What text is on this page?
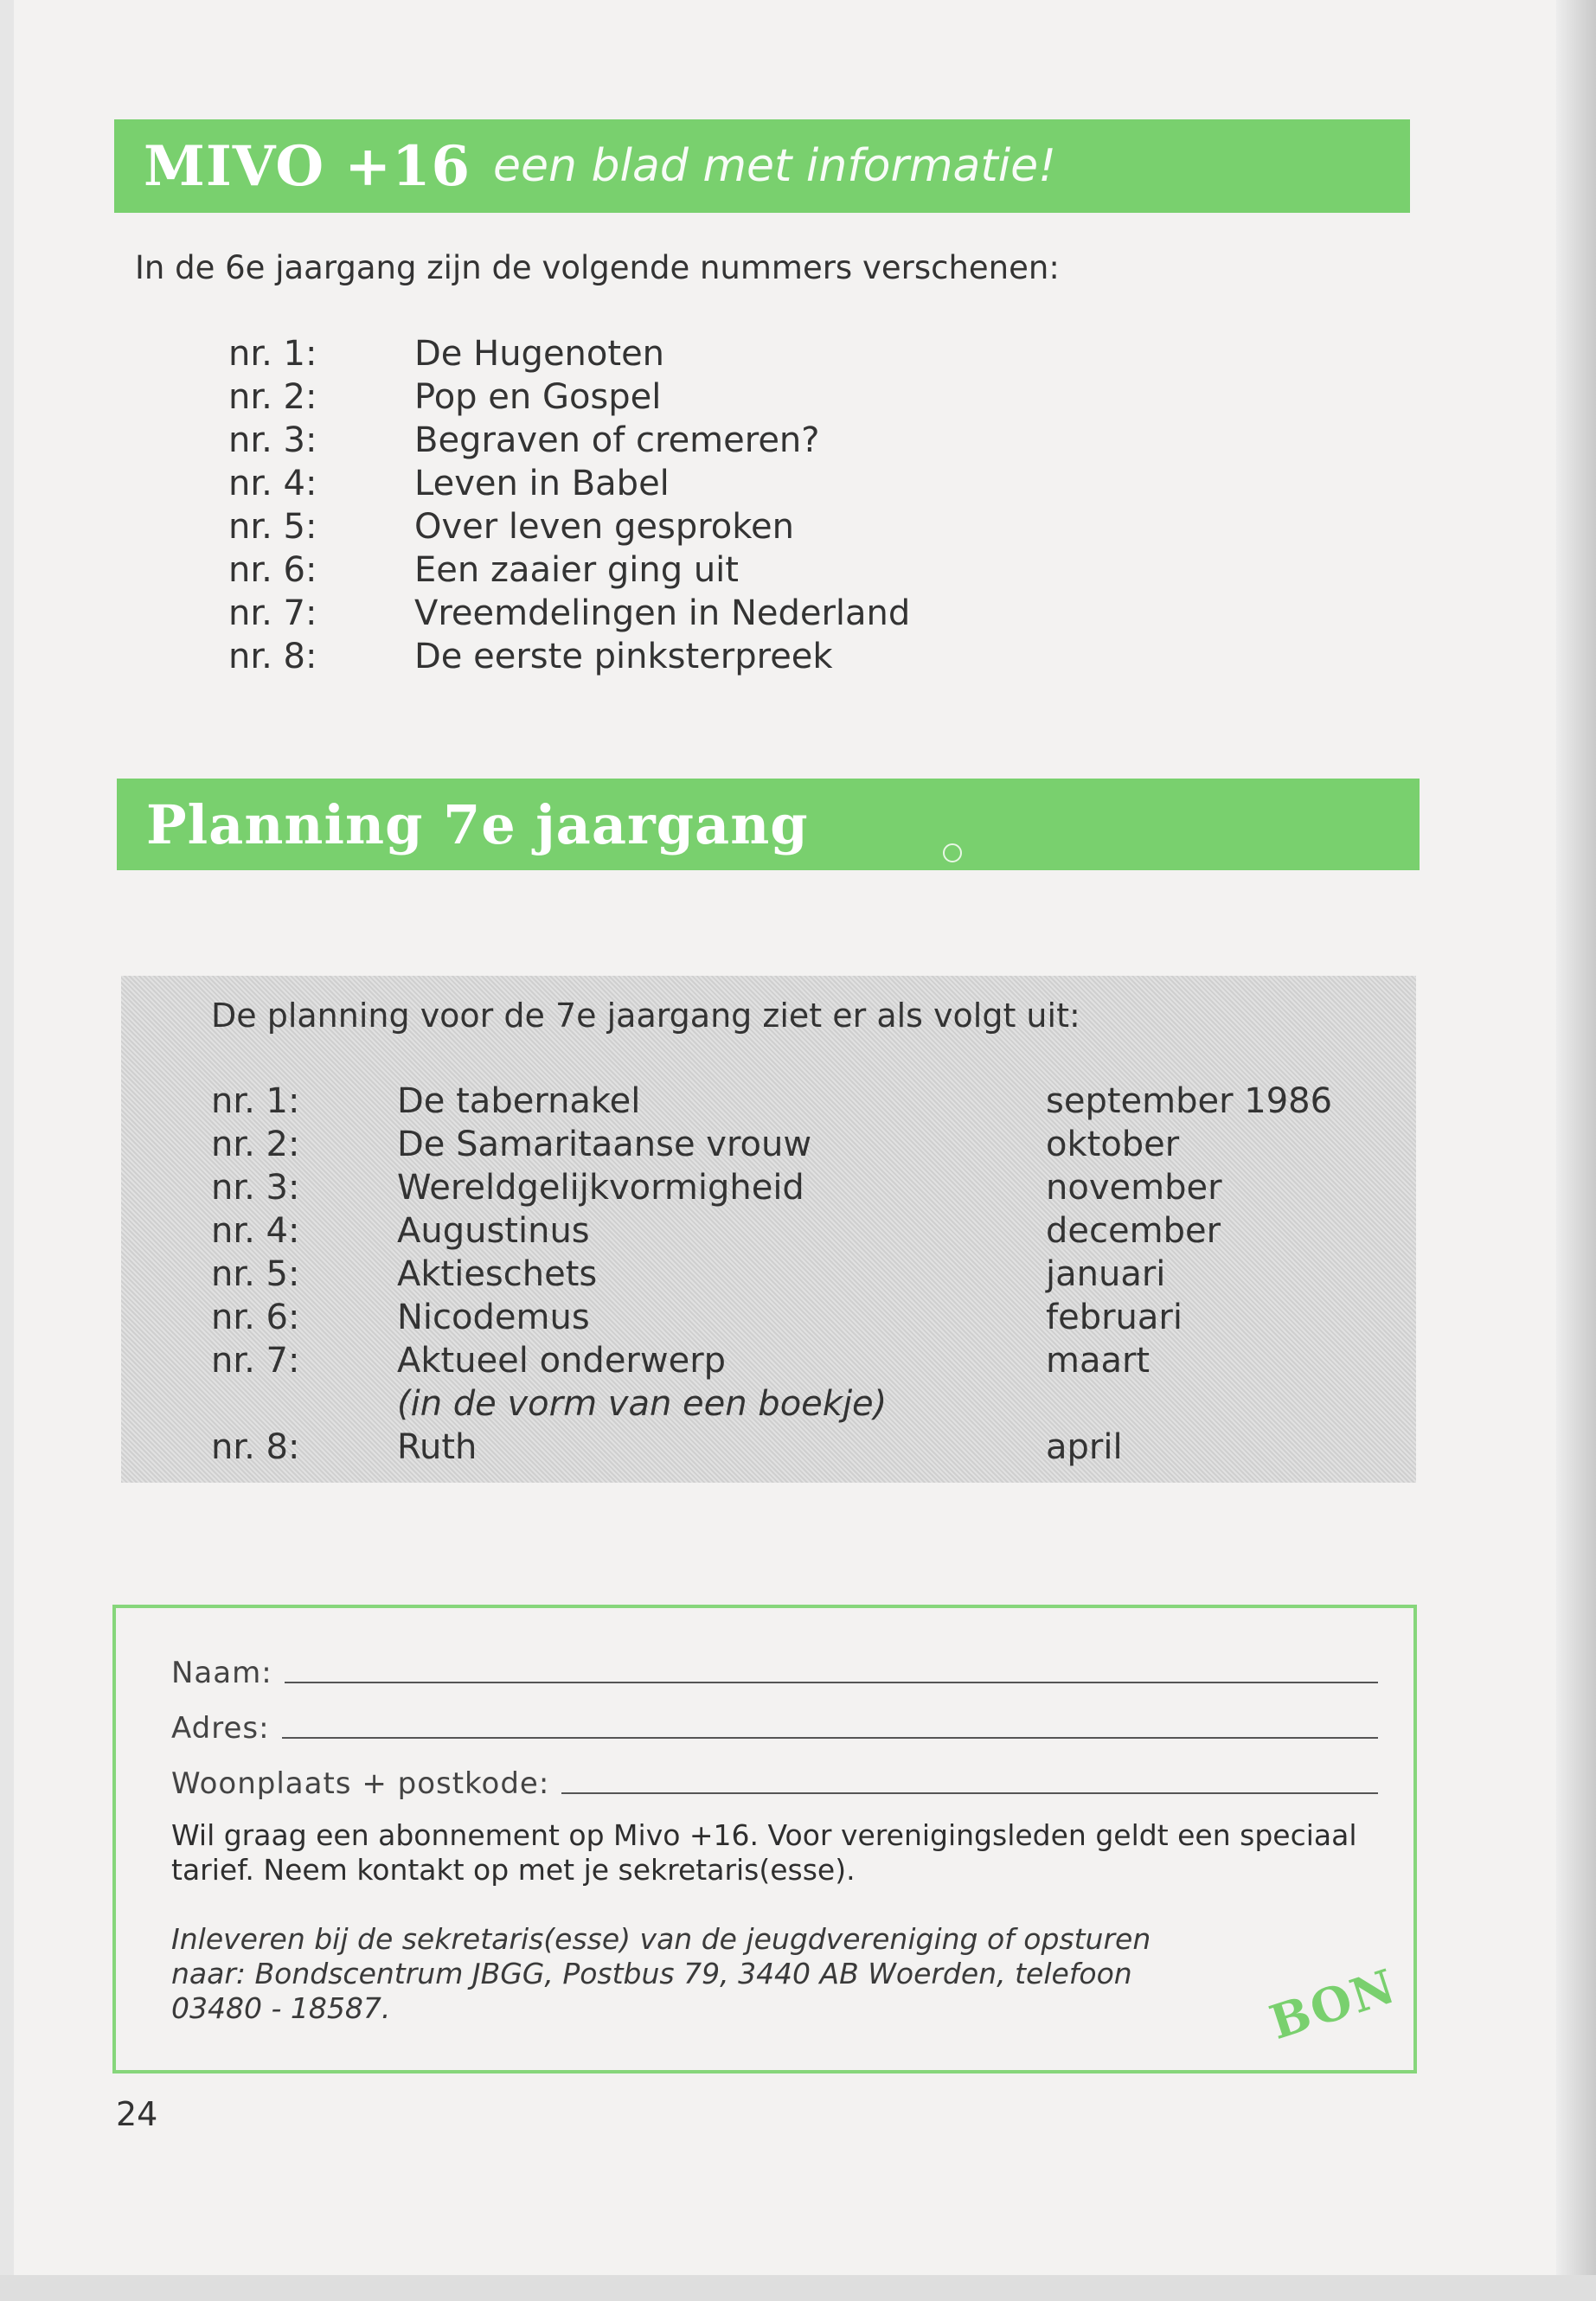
MIVO +16 een blad met informatie!
In de 6e jaargang zijn de volgende nummers verschenen:
nr. 1:	De Hugenoten
nr. 2:	Pop en Gospel
nr. 3:	Begraven of cremeren?
nr. 4:	Leven in Babel
nr. 5:	Over leven gesproken
nr. 6:	Een zaaier ging uit
nr. 7:	Vreemdelingen in Nederland
nr. 8:	De eerste pinksterpreek
Planning 7e jaargang
De planning voor de 7e jaargang ziet er als volgt uit:
nr. 1:	De tabernakel	september 1986
nr. 2:	De Samaritaanse vrouw	oktober
nr. 3:	Wereldgelijkvormigheid	november
nr. 4:	Augustinus	december
nr. 5:	Aktieschets	januari
nr. 6:	Nicodemus	februari
nr. 7:	Aktueel onderwerp	maart
(in de vorm van een boekje)
nr. 8:	Ruth	april
Naam:
Adres:
Woonplaats + postkode:
Wil graag een abonnement op Mivo +16. Voor verenigingsleden geldt een speciaal tarief. Neem kontakt op met je sekretaris(esse).
Inleveren bij de sekretaris(esse) van de jeugdvereniging of opsturen naar: Bondscentrum JBGG, Postbus 79, 3440 AB Woerden, telefoon 03480 - 18587.	BON
24
